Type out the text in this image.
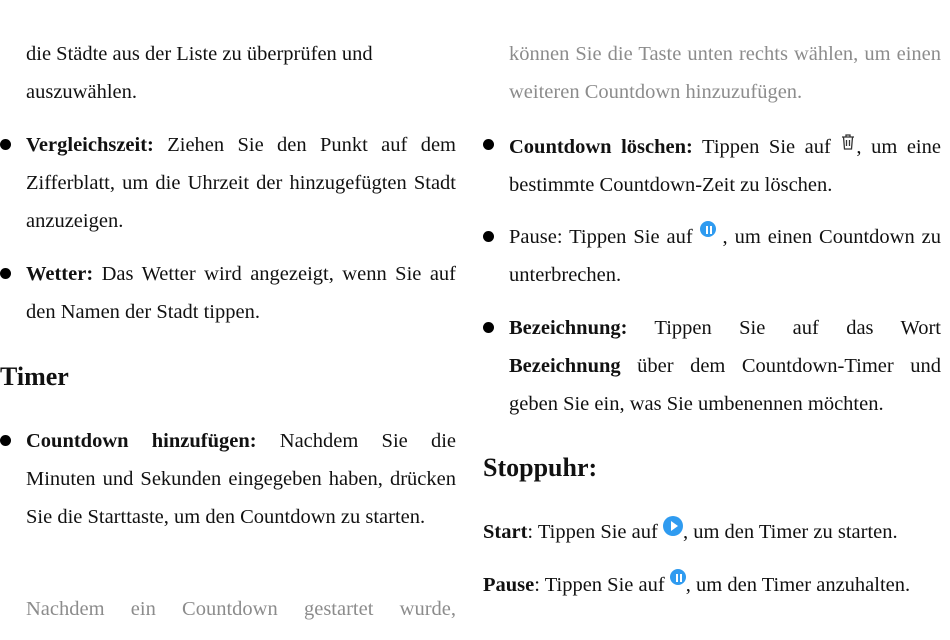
die Städte aus der Liste zu überprüfen und
auszuwählen.

Vergleichszeit: Ziehen Sie den Punkt auf dem Zifferblatt, um die Uhrzeit der hinzugefügten Stadt anzuzeigen.

Wetter: Das Wetter wird angezeigt, wenn Sie auf den Namen der Stadt tippen.

Timer

Countdown hinzufügen: Nachdem Sie die Minuten und Sekunden eingegeben haben, drücken Sie die Starttaste, um den Countdown zu starten.

Nachdem ein Countdown gestartet wurde,

können Sie die Taste unten rechts wählen, um einen weiteren Countdown hinzuzufügen.

Countdown löschen: Tippen Sie auf , um eine bestimmte Countdown-Zeit zu löschen.

Pause: Tippen Sie auf  , um einen Countdown zu unterbrechen.

Bezeichnung: Tippen Sie auf das Wort Bezeichnung über dem Countdown-Timer und geben Sie ein, was Sie umbenennen möchten.

Stoppuhr:

Start: Tippen Sie auf
, um den Timer zu starten.

Pause: Tippen Sie auf , um den Timer anzuhalten.
